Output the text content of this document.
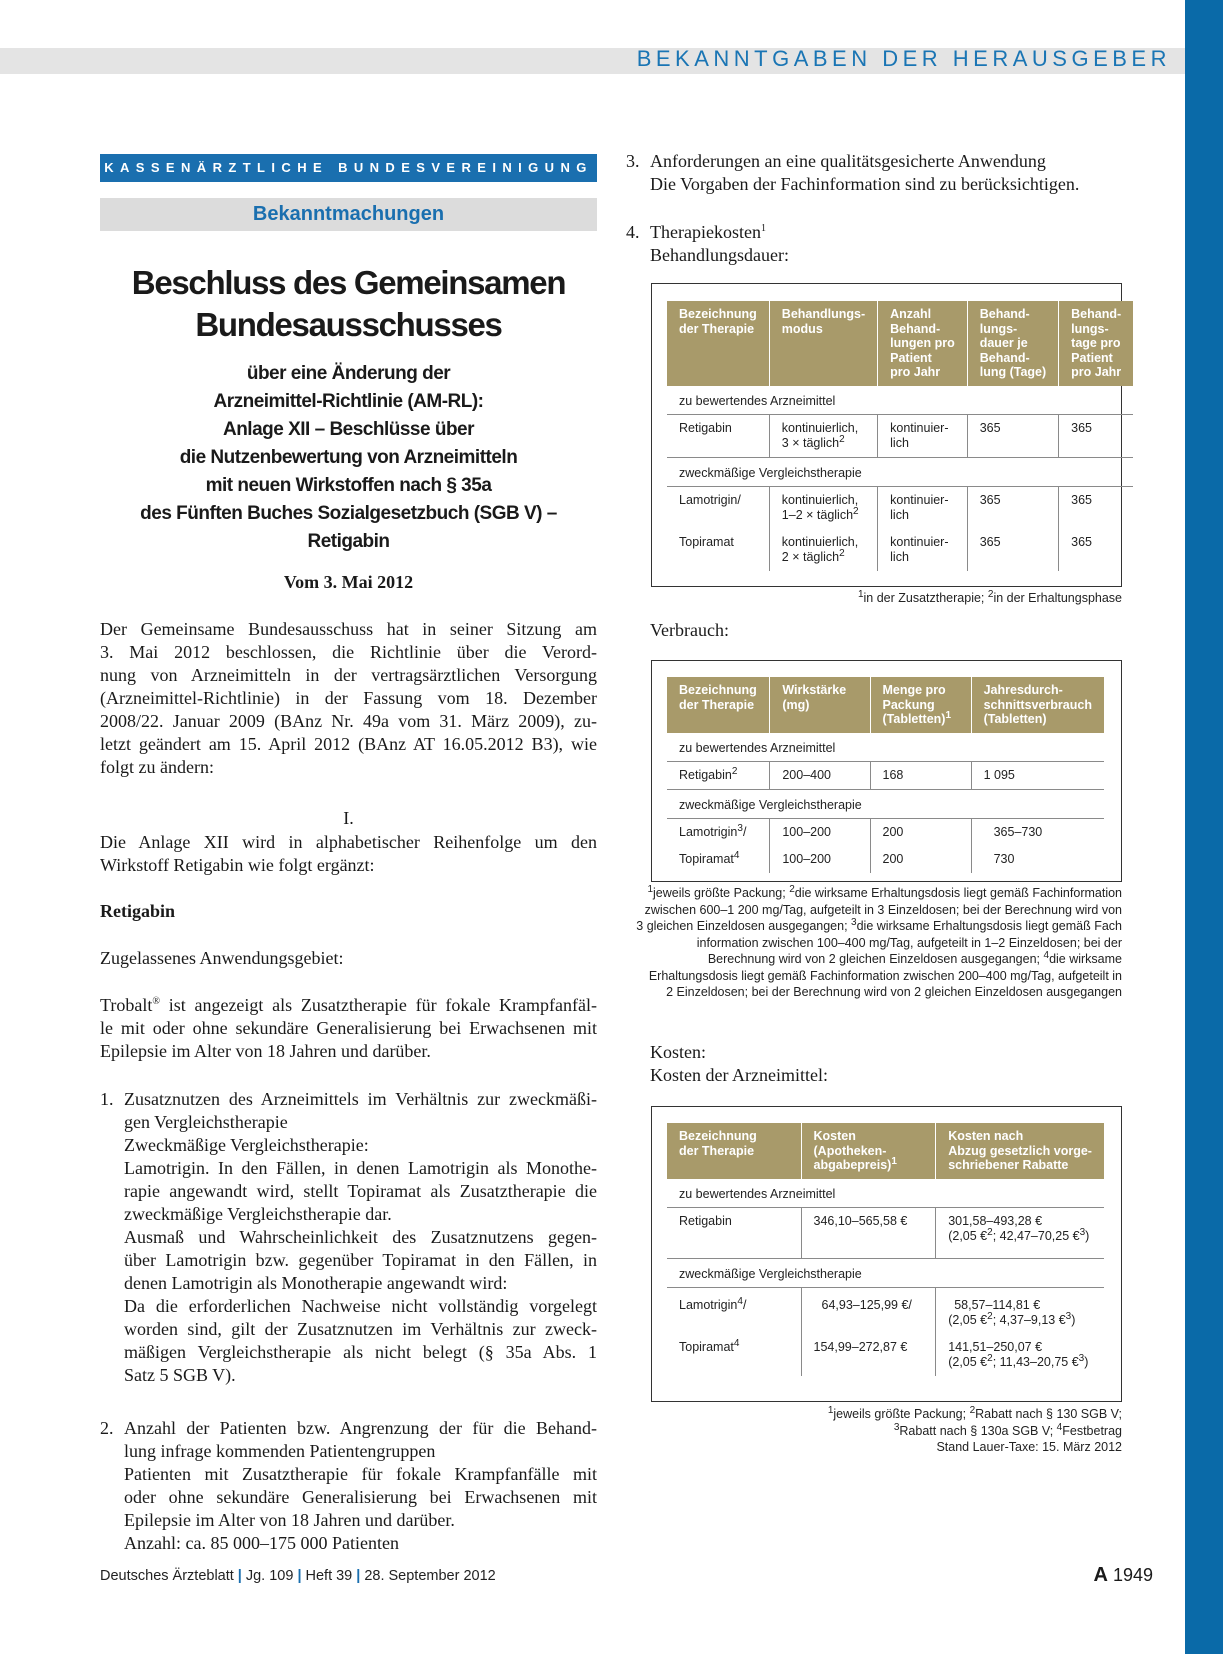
BEKANNTGABEN DER HERAUSGEBER
KASSENÄRZTLICHE BUNDESVEREINIGUNG
Bekanntmachungen
Beschluss des Gemeinsamen
Bundesausschusses
über eine Änderung der
Arzneimittel-Richtlinie (AM-RL):
Anlage XII – Beschlüsse über
die Nutzenbewertung von Arzneimitteln
mit neuen Wirkstoffen nach § 35a
des Fünften Buches Sozialgesetzbuch (SGB V) –
Retigabin
Vom 3. Mai 2012
Der Gemeinsame Bundesausschuss hat in seiner Sitzung am
3. Mai 2012 beschlossen, die Richtlinie über die Verord-
nung von Arzneimitteln in der vertragsärztlichen Versorgung
(Arzneimittel-Richtlinie) in der Fassung vom 18. Dezember
2008/22. Januar 2009 (BAnz Nr. 49a vom 31. März 2009), zu-
letzt geändert am 15. April 2012 (BAnz AT 16.05.2012 B3), wie
folgt zu ändern:
I.
Die Anlage XII wird in alphabetischer Reihenfolge um den
Wirkstoff Retigabin wie folgt ergänzt:
Retigabin
Zugelassenes Anwendungsgebiet:
Trobalt® ist angezeigt als Zusatztherapie für fokale Krampfanfäl-
le mit oder ohne sekundäre Generalisierung bei Erwachsenen mit
Epilepsie im Alter von 18 Jahren und darüber.
1. Zusatznutzen des Arzneimittels im Verhältnis zur zweckmäßi-
gen Vergleichstherapie
Zweckmäßige Vergleichstherapie:
Lamotrigin. In den Fällen, in denen Lamotrigin als Monothe-
rapie angewandt wird, stellt Topiramat als Zusatztherapie die
zweckmäßige Vergleichstherapie dar.
Ausmaß und Wahrscheinlichkeit des Zusatznutzens gegen-
über Lamotrigin bzw. gegenüber Topiramat in den Fällen, in
denen Lamotrigin als Monotherapie angewandt wird:
Da die erforderlichen Nachweise nicht vollständig vorgelegt
worden sind, gilt der Zusatznutzen im Verhältnis zur zweck-
mäßigen Vergleichstherapie als nicht belegt (§ 35a Abs. 1
Satz 5 SGB V).
2. Anzahl der Patienten bzw. Angrenzung der für die Behand-
lung infrage kommenden Patientengruppen
Patienten mit Zusatztherapie für fokale Krampfanfälle mit
oder ohne sekundäre Generalisierung bei Erwachsenen mit
Epilepsie im Alter von 18 Jahren und darüber.
Anzahl: ca. 85 000–175 000 Patienten
3. Anforderungen an eine qualitätsgesicherte Anwendung
Die Vorgaben der Fachinformation sind zu berücksichtigen.
4. Therapiekosten$^1$
Behandlungsdauer:
Bezeichnung
der Therapie	Behandlungs-
modus	Anzahl
Behand-
lungen pro
Patient
pro Jahr	Behand-
lungs-
dauer je
Behand-
lung (Tage)	Behand-
lungs-
tage pro
Patient
pro Jahr

zu bewertendes Arzneimittel				
Retigabin	kontinuierlich,
3 × täglich$^2$	kontinuier-
lich	365	365
zweckmäßige Vergleichstherapie				
Lamotrigin/	kontinuierlich,
1–2 × täglich$^2$	kontinuier-
lich	365	365
Topiramat	kontinuierlich,
2 × täglich$^2$	kontinuier-
lich	365	365
$^1$in der Zusatztherapie; $^2$in der Erhaltungsphase
Verbrauch:
Bezeichnung
der Therapie	Wirkstärke
(mg)	Menge pro
Packung
(Tabletten)$^1$	Jahresdurch-
schnittsverbrauch
(Tabletten)

zu bewertendes Arzneimittel			
Retigabin$^2$	200–400	168	1 095
zweckmäßige Vergleichstherapie			
Lamotrigin$^3$/	100–200	200	365–730
Topiramat$^4$	100–200	200	730
$^1$jeweils größte Packung; $^2$die wirksame Erhaltungsdosis liegt gemäß Fachinformation
zwischen 600–1 200 mg/Tag, aufgeteilt in 3 Einzeldosen; bei der Berechnung wird von
3 gleichen Einzeldosen ausgegangen; $^3$die wirksame Erhaltungsdosis liegt gemäß Fach
information zwischen 100–400 mg/Tag, aufgeteilt in 1–2 Einzeldosen; bei der
Berechnung wird von 2 gleichen Einzeldosen ausgegangen; $^4$die wirksame
Erhaltungsdosis liegt gemäß Fachinformation zwischen 200–400 mg/Tag, aufgeteilt in
2 Einzeldosen; bei der Berechnung wird von 2 gleichen Einzeldosen ausgegangen
Kosten:
Kosten der Arzneimittel:
Bezeichnung
der Therapie	Kosten
(Apotheken-
abgabepreis)$^1$	Kosten nach
Abzug gesetzlich vorge-
schriebener Rabatte

zu bewertendes Arzneimittel		
Retigabin	346,10–565,58 €	301,58–493,28 €
(2,05 €$^2$; 42,47–70,25 €$^3$)

zweckmäßige Vergleichstherapie		
Lamotrigin$^4$/	64,93–125,99 €/	58,57–114,81 €
(2,05 €$^2$; 4,37–9,13 €$^3$)

Topiramat$^4$	154,99–272,87 €	141,51–250,07 €
(2,05 €$^2$; 11,43–20,75 €$^3$)
$^1$jeweils größte Packung; $^2$Rabatt nach § 130 SGB V;
$^3$Rabatt nach § 130a SGB V; $^4$Festbetrag
Stand Lauer-Taxe: 15. März 2012
Deutsches Ärzteblatt | Jg. 109 | Heft 39 | 28. September 2012	A 1949
